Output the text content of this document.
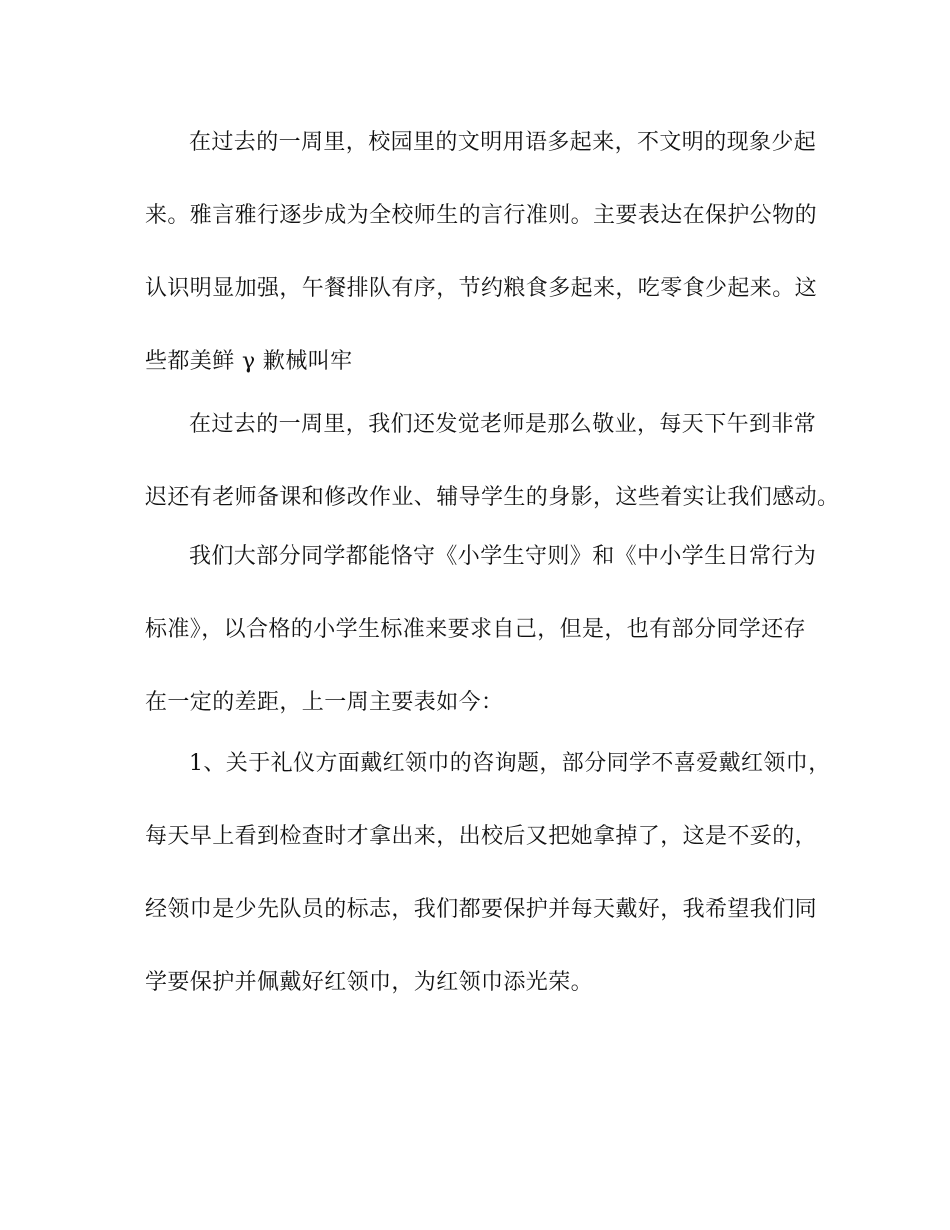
在过去的一周里，校园里的文明用语多起来，不文明的现象少起
来。雅言雅行逐步成为全校师生的言行准则。主要表达在保护公物的
认识明显加强，午餐排队有序，节约粮食多起来，吃零食少起来。这
些都美鲜 γ 歉械叫牢
在过去的一周里，我们还发觉老师是那么敬业，每天下午到非常
迟还有老师备课和修改作业、辅导学生的身影，这些着实让我们感动。
我们大部分同学都能恪守《小学生守则》和《中小学生日常行为
标准》，以合格的小学生标准来要求自己，但是，也有部分同学还存
在一定的差距，上一周主要表如今：
1、关于礼仪方面戴红领巾的咨询题，部分同学不喜爱戴红领巾，
每天早上看到检查时才拿出来，出校后又把她拿掉了，这是不妥的，
经领巾是少先队员的标志，我们都要保护并每天戴好，我希望我们同
学要保护并佩戴好红领巾，为红领巾添光荣。
